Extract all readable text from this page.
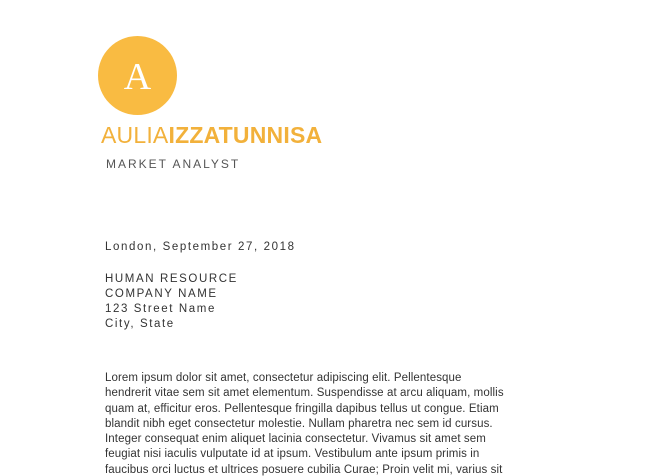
A
AULIAIZZATUNNISA
MARKET ANALYST
London, September 27, 2018
HUMAN RESOURCE
COMPANY NAME
123 Street Name
City, State
Lorem ipsum dolor sit amet, consectetur adipiscing elit. Pellentesque
hendrerit vitae sem sit amet elementum. Suspendisse at arcu aliquam, mollis
quam at, efficitur eros. Pellentesque fringilla dapibus tellus ut congue. Etiam
blandit nibh eget consectetur molestie. Nullam pharetra nec sem id cursus.
Integer consequat enim aliquet lacinia consectetur. Vivamus sit amet sem
feugiat nisi iaculis vulputate id at ipsum. Vestibulum ante ipsum primis in
faucibus orci luctus et ultrices posuere cubilia Curae; Proin velit mi, varius sit
